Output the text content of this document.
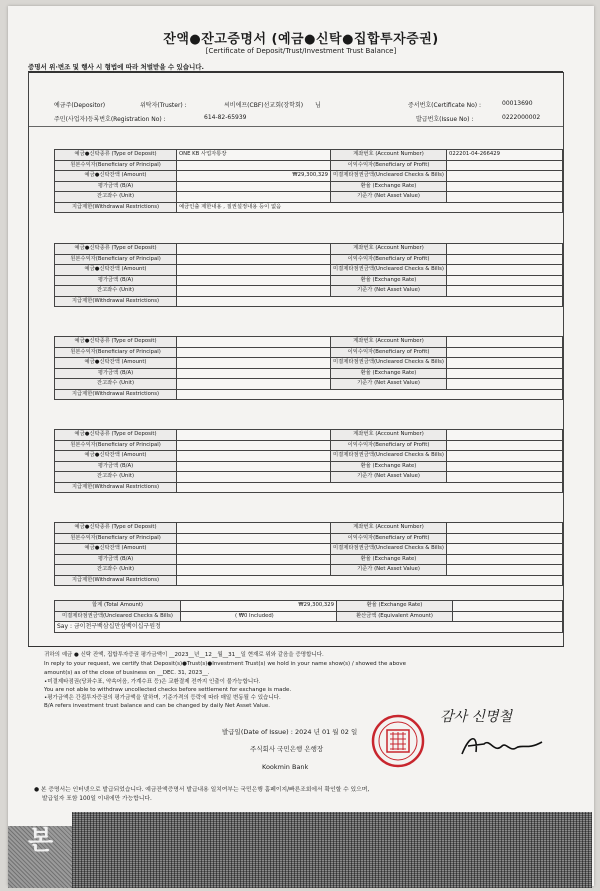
잔액●잔고증명서 (예금●신탁●집합투자증권)
[Certificate of Deposit/Trust/Investment Trust Balance]
증명서 위·변조 및 행사 시 형법에 따라 처벌받을 수 있습니다.
예금주(Depositor)	위탁자(Truster) :	씨비에프(CBF)선교회(장학회) 님	증서번호(Certificate No) :	00013690
주민(사업자)등록번호(Registration No) :	614-82-65939	발급번호(Issue No) :	0222000002
예금●신탁종류 (Type of Deposit)	ONE KB 사업자통장	계좌번호 (Account Number)	022201-04-266429
원본수익자(Beneficiary of Principal)		이익수익자(Beneficiary of Profit)	
예금●신탁잔액 (Amount)	₩29,300,329	미결제타점권금액(Uncleared Checks & Bills)	
평가금액 (B/A)		환율 (Exchange Rate)	
잔고좌수 (Unit)		기준가 (Net Asset Value)	
지급제한(Withdrawal Restrictions)	예금인출 제한내용 , 질권설정내용 등이 없음		
예금●신탁종류 (Type of Deposit)		계좌번호 (Account Number)	
원본수익자(Beneficiary of Principal)		이익수익자(Beneficiary of Profit)	
예금●신탁잔액 (Amount)		미결제타점권금액(Uncleared Checks & Bills)	
평가금액 (B/A)		환율 (Exchange Rate)	
잔고좌수 (Unit)		기준가 (Net Asset Value)	
지급제한(Withdrawal Restrictions)			
예금●신탁종류 (Type of Deposit)		계좌번호 (Account Number)	
원본수익자(Beneficiary of Principal)		이익수익자(Beneficiary of Profit)	
예금●신탁잔액 (Amount)		미결제타점권금액(Uncleared Checks & Bills)	
평가금액 (B/A)		환율 (Exchange Rate)	
잔고좌수 (Unit)		기준가 (Net Asset Value)	
지급제한(Withdrawal Restrictions)			
예금●신탁종류 (Type of Deposit)		계좌번호 (Account Number)	
원본수익자(Beneficiary of Principal)		이익수익자(Beneficiary of Profit)	
예금●신탁잔액 (Amount)		미결제타점권금액(Uncleared Checks & Bills)	
평가금액 (B/A)		환율 (Exchange Rate)	
잔고좌수 (Unit)		기준가 (Net Asset Value)	
지급제한(Withdrawal Restrictions)			
예금●신탁종류 (Type of Deposit)		계좌번호 (Account Number)	
원본수익자(Beneficiary of Principal)		이익수익자(Beneficiary of Profit)	
예금●신탁잔액 (Amount)		미결제타점권금액(Uncleared Checks & Bills)	
평가금액 (B/A)		환율 (Exchange Rate)	
잔고좌수 (Unit)		기준가 (Net Asset Value)	
지급제한(Withdrawal Restrictions)			
합계 (Total Amount)	₩29,300,329	환율 (Exchange Rate)	
미결제타점권금액(Uncleared Checks & Bills)	( ₩0 Included)	환산금액 (Equivalent Amount)	
Say : 금이천구백삼십만삼백이십구원정			
귀하의 예금 ● 신탁 잔액, 집합투자증권 평가금액이 __2023__년__12__월__31__일 현재로 위와 같음을 증명합니다.
In reply to your request, we certify that Deposit(s)●Trust(s)●Investment Trust(s) we hold in your name show(s) / showed the above
amount(s) as of the close of business on __DEC. 31, 2023__.
•미결제타점권(당좌수표, 약속어음, 가계수표 등)은 교환결제 전까지 인출이 불가능합니다.
You are not able to withdraw uncollected checks before settlement for exchange is made.
•평가금액은 간접투자증권의 평가금액을 말하며, 기준가격의 등락에 따라 매일 변동될 수 있습니다.
B/A refers investment trust balance and can be changed by daily Net Asset Value.
발급일(Date of Issue) : 2024 년 01 월 02 일
주식회사 국민은행 은행장
Kookmin Bank
감사 신명철
● 본 증명서는 인터넷으로 발급되었습니다. 예금잔액증명서 발급내용 일치여부는 국민은행 홈페이지/빠른조회에서 확인할 수 있으며,
발급일자 포함 100일 이내에만 가능합니다.
본
